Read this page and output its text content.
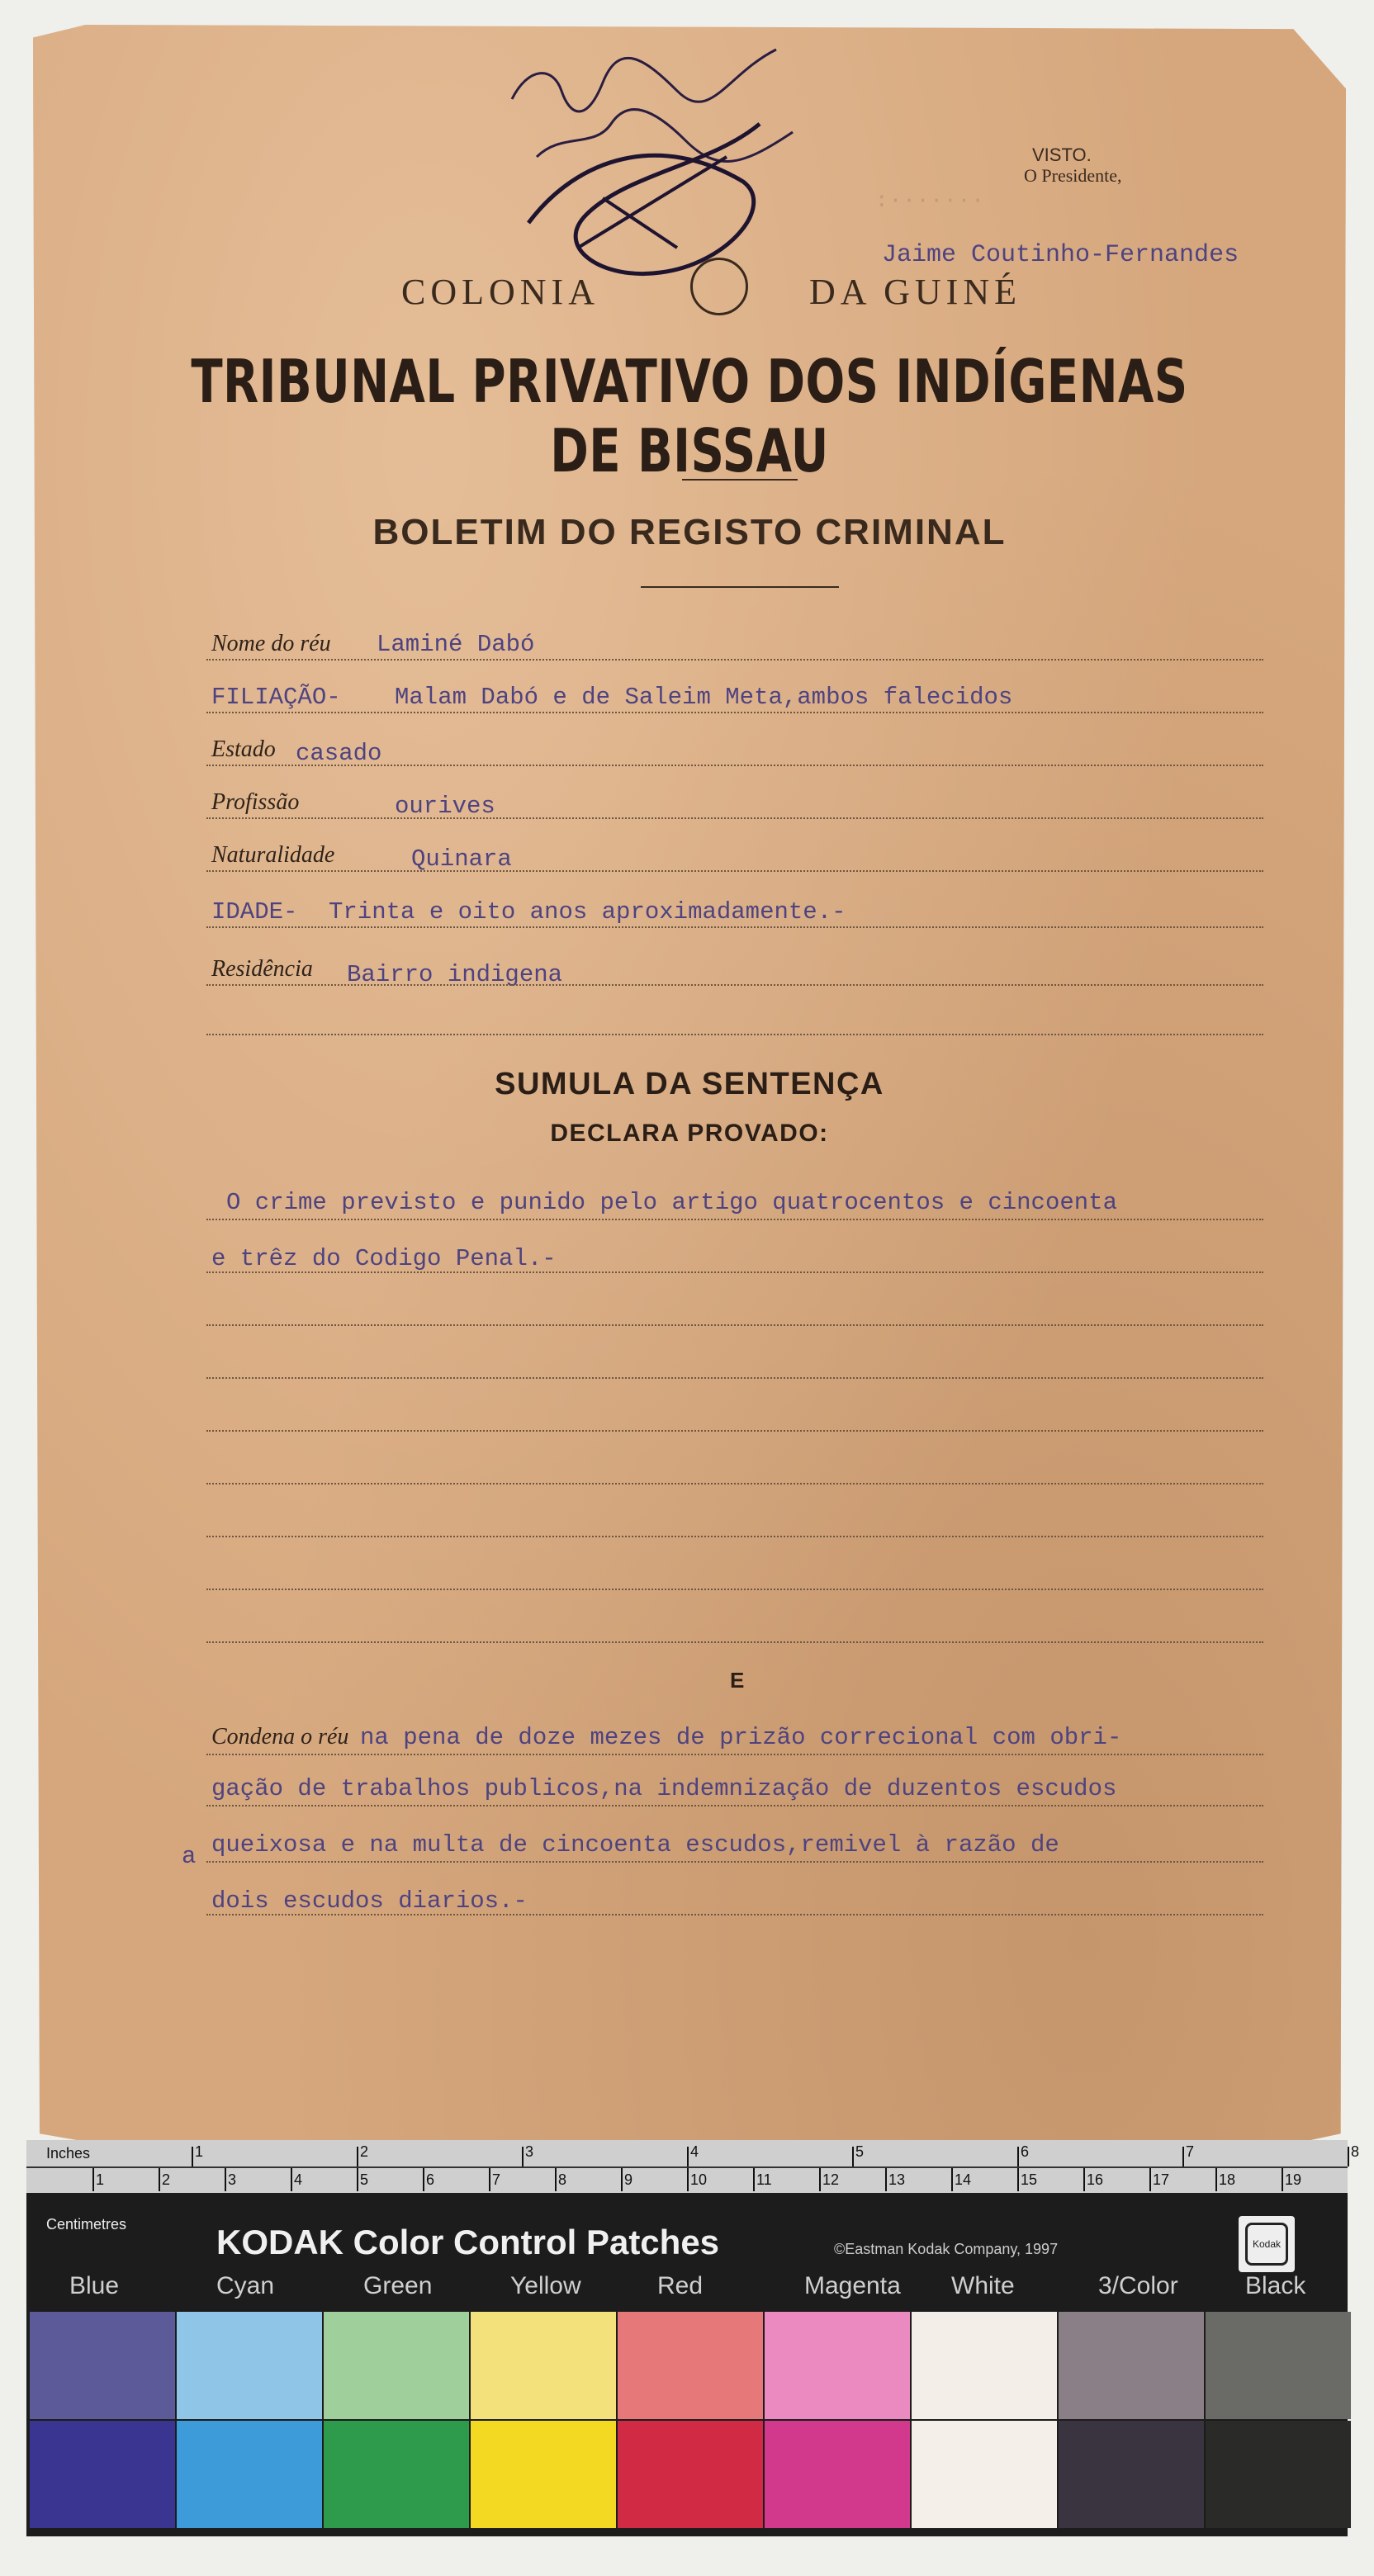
:·······
VISTO.
O Presidente,
Jaime Coutinho-Fernandes
COLONIA	DA GUINÉ
TRIBUNAL PRIVATIVO DOS INDÍGENAS DE BISSAU
BOLETIM DO REGISTO CRIMINAL
Nome do réu Laminé Dabó
FILIAÇÃO- Malam Dabó e de Saleim Meta,ambos falecidos
Estado casado
Profissão	ourives
Naturalidade	Quinara
IDADE- Trinta e oito anos aproximadamente.-
Residência Bairro indigena
SUMULA DA SENTENÇA
DECLARA PROVADO:
O crime previsto e punido pelo artigo quatrocentos e cincoenta
e trêz do Codigo Penal.-
E
Condena o réu na pena de doze mezes de prizão correcional com obri-
gação de trabalhos publicos,na indemnização de duzentos escudos
a queixosa e na multa de cincoenta escudos,remivel à razão de
dois escudos diarios.-
Inches
Centimetres
1	2	3	4	5	6	7	8
1	2	3	4	5	6	7	8	9	10	11	12	13	14	15	16	17	18	19
KODAK Color Control Patches	©Eastman Kodak Company, 1997	Kodak
Blue	Cyan	Green	Yellow	Red	Magenta White	3/Color	Black
